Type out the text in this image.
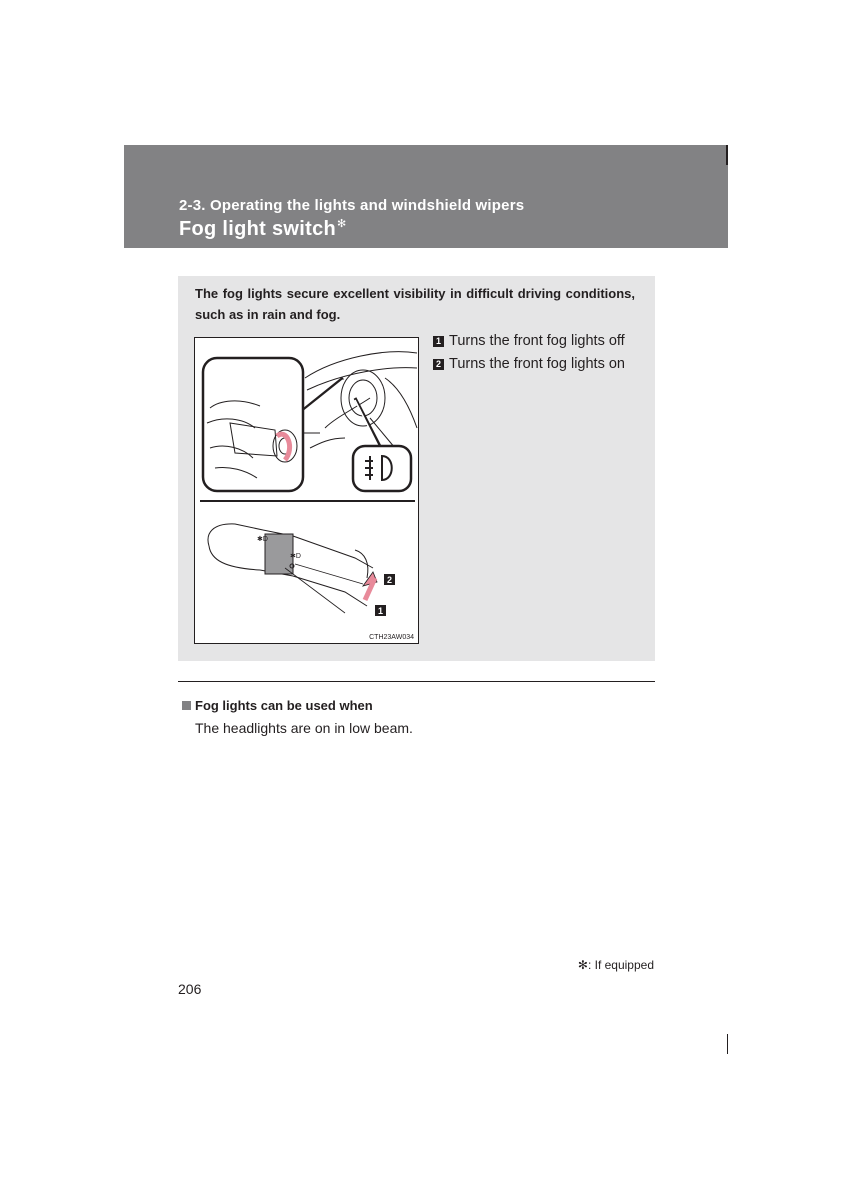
2-3. Operating the lights and windshield wipers
Fog light switch✻
The fog lights secure excellent visibility in difficult driving conditions, such as in rain and fog.
1 Turns the front fog lights off
2 Turns the front fog lights on
✱D
✱D
2
1
CTH23AW034
Fog lights can be used when
The headlights are on in low beam.
✻: If equipped
206
